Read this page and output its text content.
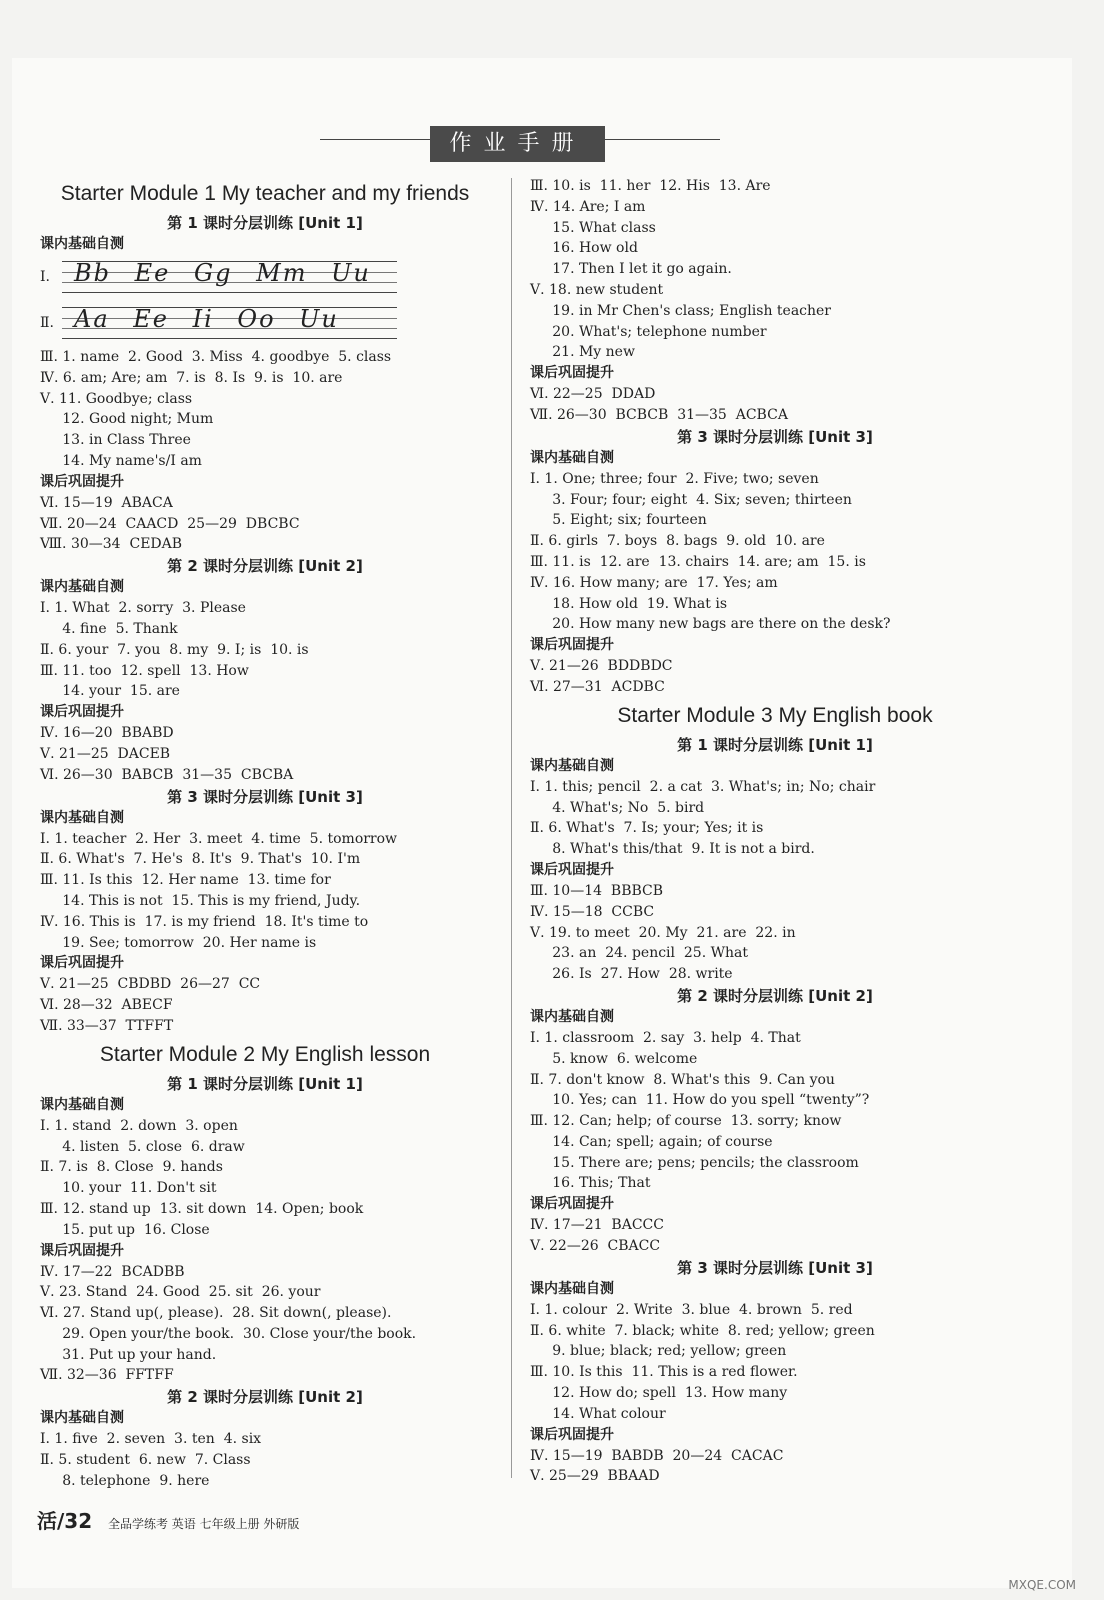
作业手册
Starter Module 1 My teacher and my friends
第 1 课时分层训练 [Unit 1]
课内基础自测
Ⅰ. Bb Ee Gg Mm Uu
Ⅱ. Aa Ee Ii Oo Uu
Ⅲ. 1. name  2. Good  3. Miss  4. goodbye  5. class
Ⅳ. 6. am; Are; am  7. is  8. Is  9. is  10. are
Ⅴ. 11. Goodbye; class
12. Good night; Mum
13. in Class Three
14. My name's/I am
课后巩固提升
Ⅵ. 15—19  ABACA
Ⅶ. 20—24  CAACD  25—29  DBCBC
Ⅷ. 30—34  CEDAB
第 2 课时分层训练 [Unit 2]
课内基础自测
Ⅰ. 1. What  2. sorry  3. Please
4. fine  5. Thank
Ⅱ. 6. your  7. you  8. my  9. I; is  10. is
Ⅲ. 11. too  12. spell  13. How
14. your  15. are
课后巩固提升
Ⅳ. 16—20  BBABD
Ⅴ. 21—25  DACEB
Ⅵ. 26—30  BABCB  31—35  CBCBA
第 3 课时分层训练 [Unit 3]
课内基础自测
Ⅰ. 1. teacher  2. Her  3. meet  4. time  5. tomorrow
Ⅱ. 6. What's  7. He's  8. It's  9. That's  10. I'm
Ⅲ. 11. Is this  12. Her name  13. time for
14. This is not  15. This is my friend, Judy.
Ⅳ. 16. This is  17. is my friend  18. It's time to
19. See; tomorrow  20. Her name is
课后巩固提升
Ⅴ. 21—25  CBDBD  26—27  CC
Ⅵ. 28—32  ABECF
Ⅶ. 33—37  TTFFT
Starter Module 2 My English lesson
第 1 课时分层训练 [Unit 1]
课内基础自测
Ⅰ. 1. stand  2. down  3. open
4. listen  5. close  6. draw
Ⅱ. 7. is  8. Close  9. hands
10. your  11. Don't sit
Ⅲ. 12. stand up  13. sit down  14. Open; book
15. put up  16. Close
课后巩固提升
Ⅳ. 17—22  BCADBB
Ⅴ. 23. Stand  24. Good  25. sit  26. your
Ⅵ. 27. Stand up(, please).  28. Sit down(, please).
29. Open your/the book.  30. Close your/the book.
31. Put up your hand.
Ⅶ. 32—36  FFTFF
第 2 课时分层训练 [Unit 2]
课内基础自测
Ⅰ. 1. five  2. seven  3. ten  4. six
Ⅱ. 5. student  6. new  7. Class
8. telephone  9. here
Ⅲ. 10. is  11. her  12. His  13. Are
Ⅳ. 14. Are; I am
15. What class
16. How old
17. Then I let it go again.
Ⅴ. 18. new student
19. in Mr Chen's class; English teacher
20. What's; telephone number
21. My new
课后巩固提升
Ⅵ. 22—25  DDAD
Ⅶ. 26—30  BCBCB  31—35  ACBCA
第 3 课时分层训练 [Unit 3]
课内基础自测
Ⅰ. 1. One; three; four  2. Five; two; seven
3. Four; four; eight  4. Six; seven; thirteen
5. Eight; six; fourteen
Ⅱ. 6. girls  7. boys  8. bags  9. old  10. are
Ⅲ. 11. is  12. are  13. chairs  14. are; am  15. is
Ⅳ. 16. How many; are  17. Yes; am
18. How old  19. What is
20. How many new bags are there on the desk?
课后巩固提升
Ⅴ. 21—26  BDDBDC
Ⅵ. 27—31  ACDBC
Starter Module 3 My English book
第 1 课时分层训练 [Unit 1]
课内基础自测
Ⅰ. 1. this; pencil  2. a cat  3. What's; in; No; chair
4. What's; No  5. bird
Ⅱ. 6. What's  7. Is; your; Yes; it is
8. What's this/that  9. It is not a bird.
课后巩固提升
Ⅲ. 10—14  BBBCB
Ⅳ. 15—18  CCBC
Ⅴ. 19. to meet  20. My  21. are  22. in
23. an  24. pencil  25. What
26. Is  27. How  28. write
第 2 课时分层训练 [Unit 2]
课内基础自测
Ⅰ. 1. classroom  2. say  3. help  4. That
5. know  6. welcome
Ⅱ. 7. don't know  8. What's this  9. Can you
10. Yes; can  11. How do you spell “twenty”?
Ⅲ. 12. Can; help; of course  13. sorry; know
14. Can; spell; again; of course
15. There are; pens; pencils; the classroom
16. This; That
课后巩固提升
Ⅳ. 17—21  BACCC
Ⅴ. 22—26  CBACC
第 3 课时分层训练 [Unit 3]
课内基础自测
Ⅰ. 1. colour  2. Write  3. blue  4. brown  5. red
Ⅱ. 6. white  7. black; white  8. red; yellow; green
9. blue; black; red; yellow; green
Ⅲ. 10. Is this  11. This is a red flower.
12. How do; spell  13. How many
14. What colour
课后巩固提升
Ⅳ. 15—19  BABDB  20—24  CACAC
Ⅴ. 25—29  BBAAD
活/32 全品学练考 英语 七年级上册 外研版
MXQE.COM
